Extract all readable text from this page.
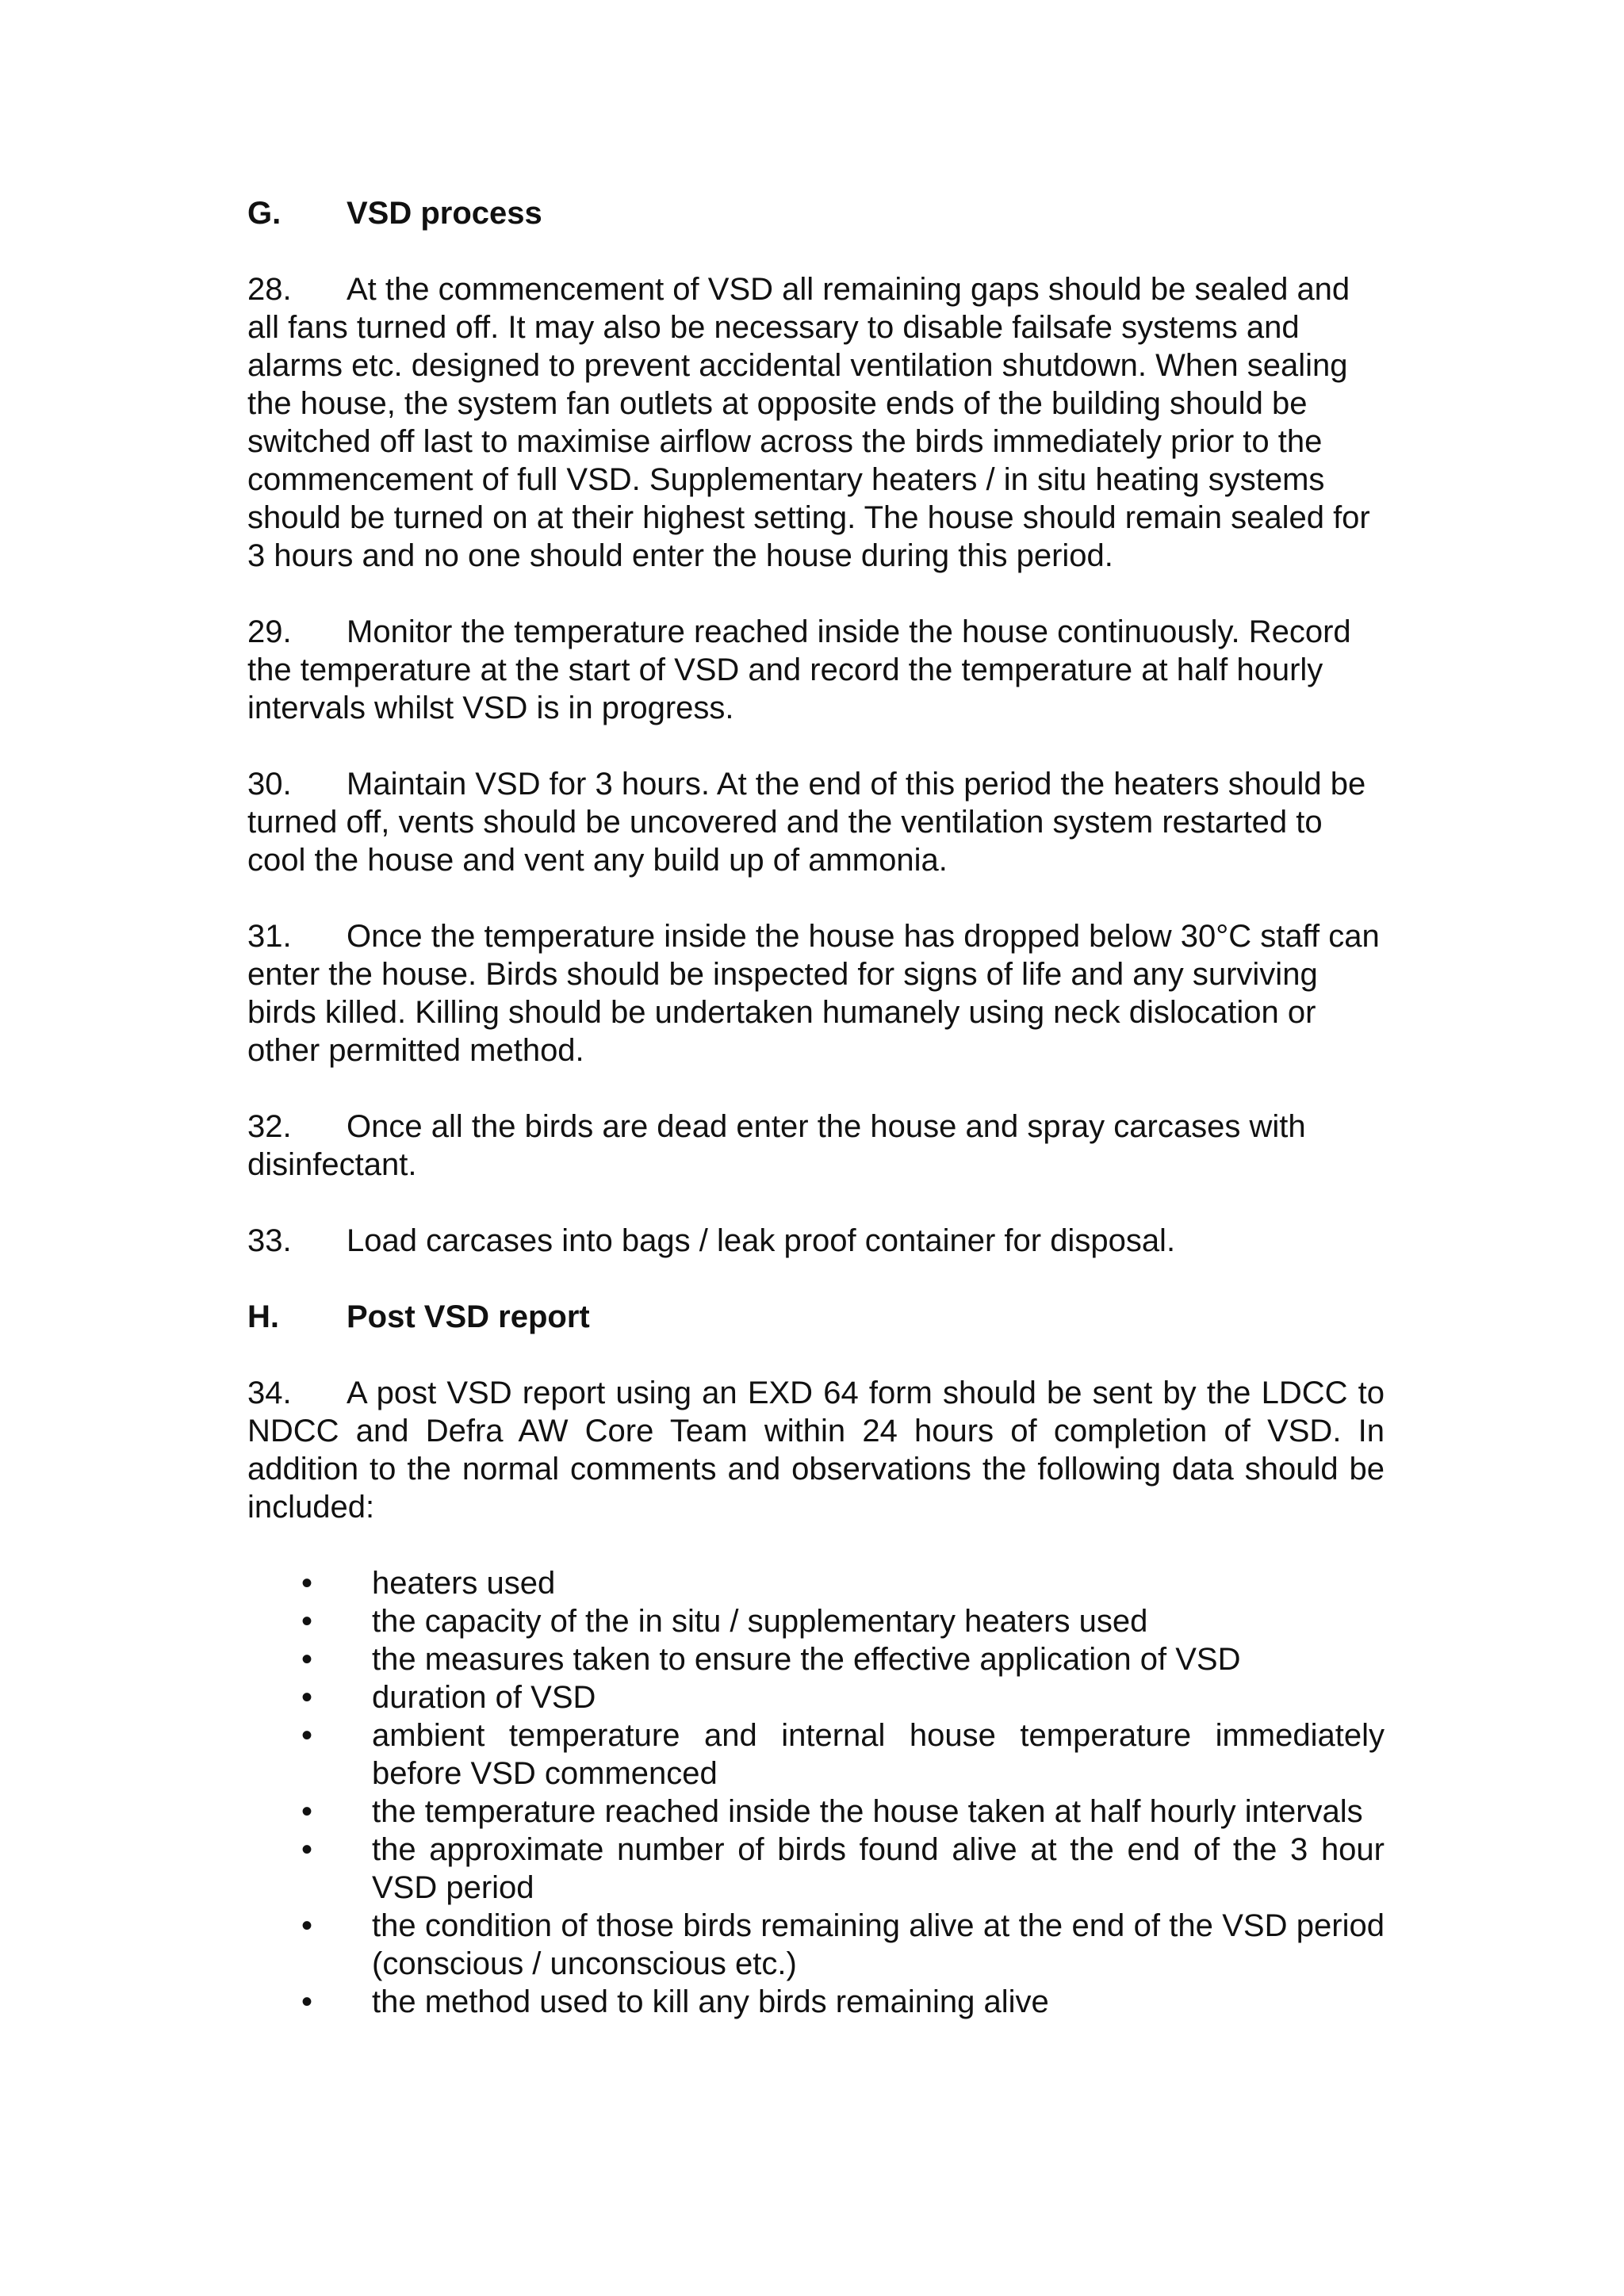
G.	VSD process

28. At the commencement of VSD all remaining gaps should be sealed and all fans turned off. It may also be necessary to disable failsafe systems and alarms etc. designed to prevent accidental ventilation shutdown. When sealing the house, the system fan outlets at opposite ends of the building should be switched off last to maximise airflow across the birds immediately prior to the commencement of full VSD. Supplementary heaters / in situ heating systems should be turned on at their highest setting. The house should remain sealed for 3 hours and no one should enter the house during this period.

29. Monitor the temperature reached inside the house continuously. Record the temperature at the start of VSD and record the temperature at half hourly intervals whilst VSD is in progress.

30. Maintain VSD for 3 hours. At the end of this period the heaters should be turned off, vents should be uncovered and the ventilation system restarted to cool the house and vent any build up of ammonia.

31. Once the temperature inside the house has dropped below 30°C staff can enter the house. Birds should be inspected for signs of life and any surviving birds killed. Killing should be undertaken humanely using neck dislocation or other permitted method.

32. Once all the birds are dead enter the house and spray carcases with disinfectant.

33. Load carcases into bags / leak proof container for disposal.

H.	Post VSD report

34. A post VSD report using an EXD 64 form should be sent by the LDCC to NDCC and Defra AW Core Team within 24 hours of completion of VSD. In addition to the normal comments and observations the following data should be included:

•	heaters used
•	the capacity of the in situ / supplementary heaters used
•	the measures taken to ensure the effective application of VSD
•	duration of VSD
•	ambient temperature and internal house temperature immediately before VSD commenced
•	the temperature reached inside the house taken at half hourly intervals
•	the approximate number of birds found alive at the end of the 3 hour VSD period
•	the condition of those birds remaining alive at the end of the VSD period (conscious / unconscious etc.)
•	the method used to kill any birds remaining alive
